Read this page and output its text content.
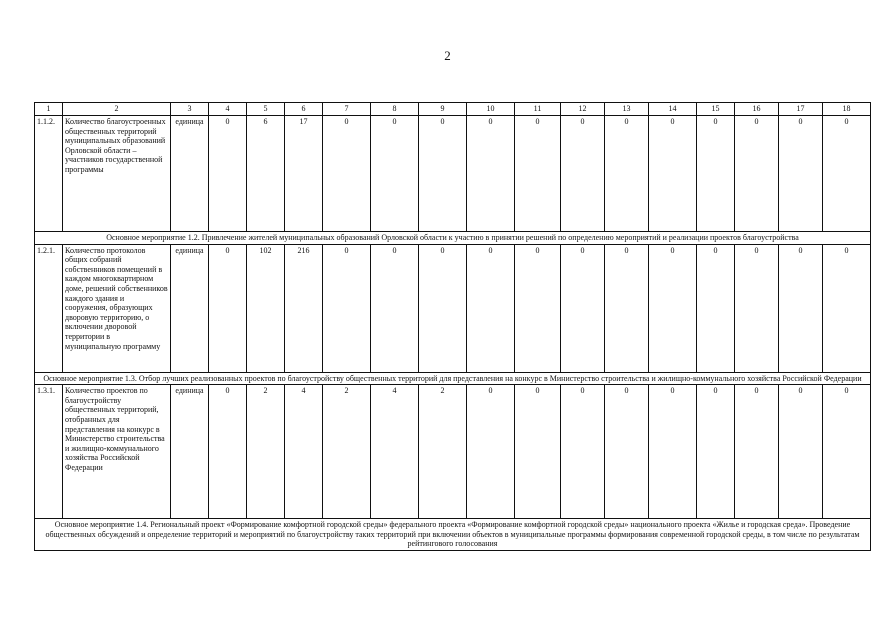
2
1	2	3	4	5	6	7	8	9	10	11	12	13	14	15	16	17	18
1.1.2.	Количество благоустроенных общественных территорий муниципальных образований Орловской области – участников государственной программы	единица	0	6	17	0	0	0	0	0	0	0	0	0	0	0	0
Основное мероприятие 1.2. Привлечение жителей муниципальных образований Орловской области к участию в принятии решений по определению мероприятий и реализации проектов благоустройства																	
1.2.1.	Количество протоколов общих собраний собственников помещений в каждом многоквартирном доме, решений собственников каждого здания и сооружения, образующих дворовую территорию, о включении дворовой территории в муниципальную программу	единица	0	102	216	0	0	0	0	0	0	0	0	0	0	0	0
Основное мероприятие 1.3. Отбор лучших реализованных проектов по благоустройству общественных территорий для представления на конкурс в Министерство строительства и жилищно-коммунального хозяйства Российской Федерации																	
1.3.1.	Количество проектов по благоустройству общественных территорий, отобранных для представления на конкурс в Министерство строительства и жилищно-коммунального хозяйства Российской Федерации	единица	0	2	4	2	4	2	0	0	0	0	0	0	0	0	0
Основное мероприятие 1.4. Региональный проект «Формирование комфортной городской среды» федерального проекта «Формирование комфортной городской среды» национального проекта «Жилье и городская среда». Проведение общественных обсуждений и определение территорий и мероприятий по благоустройству таких территорий при включении объектов в муниципальные программы формирования современной городской среды, в том числе по результатам рейтингового голосования																	
